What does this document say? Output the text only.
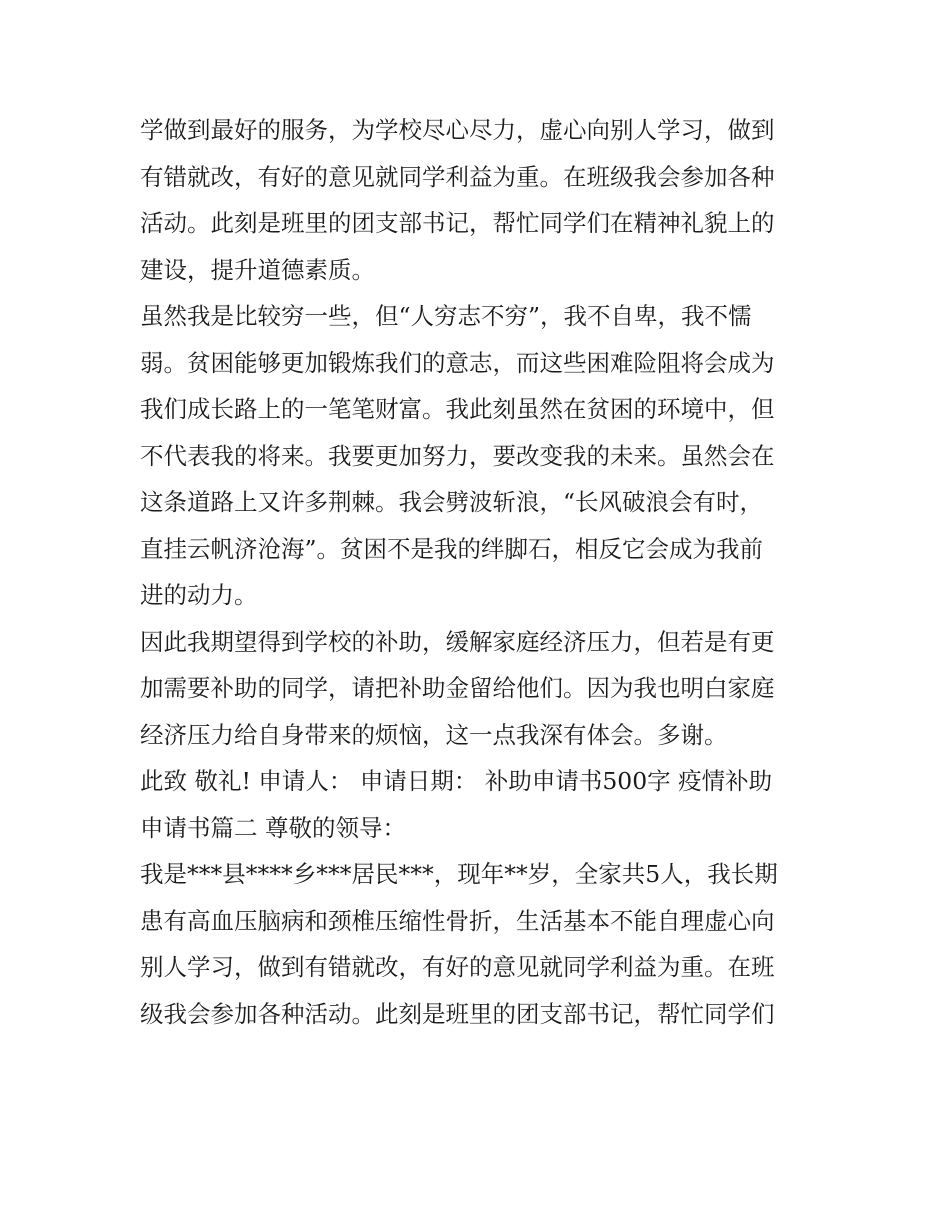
学做到最好的服务，为学校尽心尽力，虚心向别人学习，做到
有错就改，有好的意见就同学利益为重。在班级我会参加各种
活动。此刻是班里的团支部书记，帮忙同学们在精神礼貌上的
建设，提升道德素质。
虽然我是比较穷一些，但“人穷志不穷”，我不自卑，我不懦
弱。贫困能够更加锻炼我们的意志，而这些困难险阻将会成为
我们成长路上的一笔笔财富。我此刻虽然在贫困的环境中，但
不代表我的将来。我要更加努力，要改变我的未来。虽然会在
这条道路上又许多荆棘。我会劈波斩浪，“长风破浪会有时，
直挂云帆济沧海”。贫困不是我的绊脚石，相反它会成为我前
进的动力。
因此我期望得到学校的补助，缓解家庭经济压力，但若是有更
加需要补助的同学，请把补助金留给他们。因为我也明白家庭
经济压力给自身带来的烦恼，这一点我深有体会。多谢。
此致 敬礼! 申请人： 申请日期： 补助申请书500字 疫情补助
申请书篇二 尊敬的领导：
我是***县****乡***居民***，现年**岁，全家共5人，我长期
患有高血压脑病和颈椎压缩性骨折，生活基本不能自理虚心向
别人学习，做到有错就改，有好的意见就同学利益为重。在班
级我会参加各种活动。此刻是班里的团支部书记，帮忙同学们
